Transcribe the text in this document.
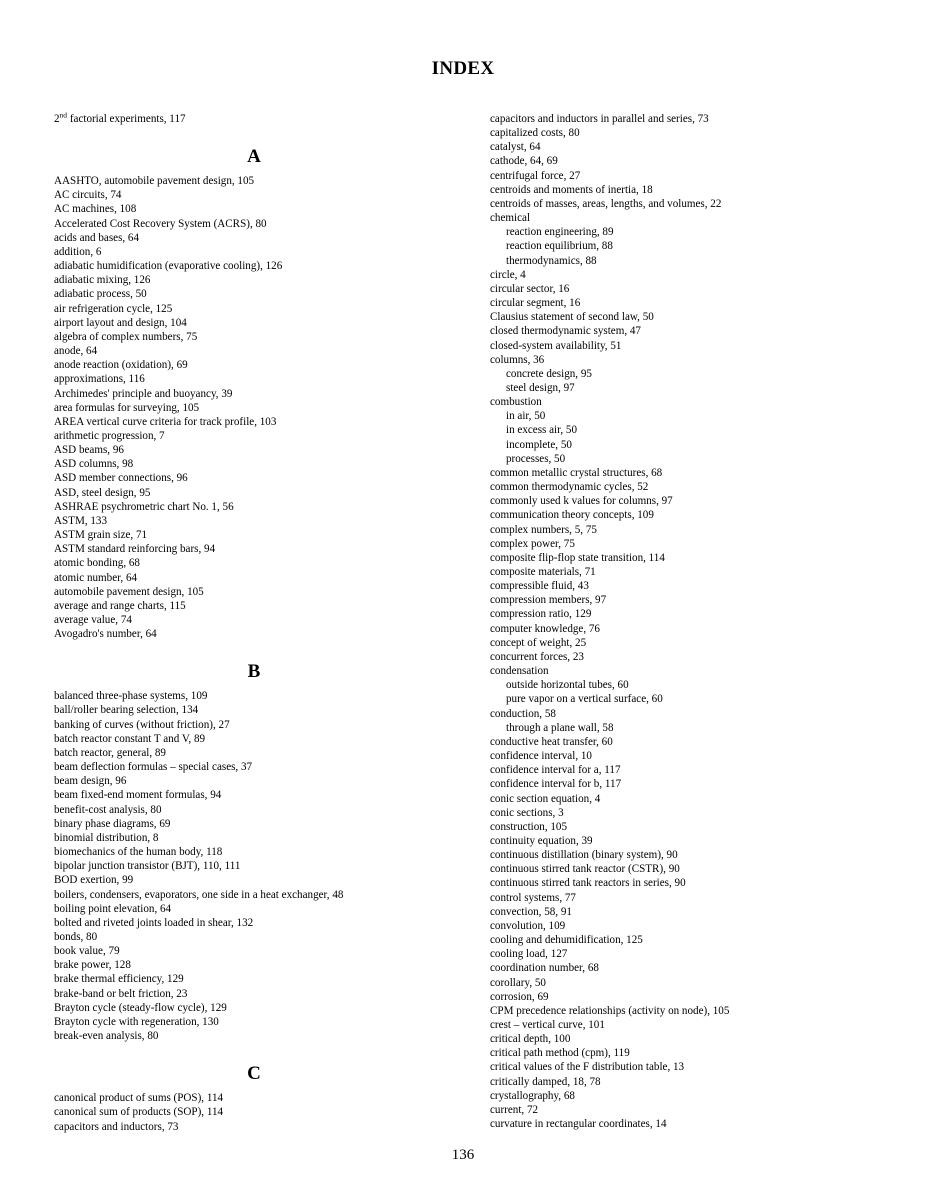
INDEX
2nd factorial experiments, 117
A
AASHTO, automobile pavement design, 105
AC circuits, 74
AC machines, 108
Accelerated Cost Recovery System (ACRS), 80
acids and bases, 64
addition, 6
adiabatic humidification (evaporative cooling), 126
adiabatic mixing, 126
adiabatic process, 50
air refrigeration cycle, 125
airport layout and design, 104
algebra of complex numbers, 75
anode, 64
anode reaction (oxidation), 69
approximations, 116
Archimedes' principle and buoyancy, 39
area formulas for surveying, 105
AREA vertical curve criteria for track profile, 103
arithmetic progression, 7
ASD beams, 96
ASD columns, 98
ASD member connections, 96
ASD, steel design, 95
ASHRAE psychrometric chart No. 1, 56
ASTM, 133
ASTM grain size, 71
ASTM standard reinforcing bars, 94
atomic bonding, 68
atomic number, 64
automobile pavement design, 105
average and range charts, 115
average value, 74
Avogadro's number, 64
B
balanced three-phase systems, 109
ball/roller bearing selection, 134
banking of curves (without friction), 27
batch reactor constant T and V, 89
batch reactor, general, 89
beam deflection formulas – special cases, 37
beam design, 96
beam fixed-end moment formulas, 94
benefit-cost analysis, 80
binary phase diagrams, 69
binomial distribution, 8
biomechanics of the human body, 118
bipolar junction transistor (BJT), 110, 111
BOD exertion, 99
boilers, condensers, evaporators, one side in a heat exchanger, 48
boiling point elevation, 64
bolted and riveted joints loaded in shear, 132
bonds, 80
book value, 79
brake power, 128
brake thermal efficiency, 129
brake-band or belt friction, 23
Brayton cycle (steady-flow cycle), 129
Brayton cycle with regeneration, 130
break-even analysis, 80
C
canonical product of sums (POS), 114
canonical sum of products (SOP), 114
capacitors and inductors, 73
capacitors and inductors in parallel and series, 73
capitalized costs, 80
catalyst, 64
cathode, 64, 69
centrifugal force, 27
centroids and moments of inertia, 18
centroids of masses, areas, lengths, and volumes, 22
chemical
reaction engineering, 89
reaction equilibrium, 88
thermodynamics, 88
circle, 4
circular sector, 16
circular segment, 16
Clausius statement of second law, 50
closed thermodynamic system, 47
closed-system availability, 51
columns, 36
concrete design, 95
steel design, 97
combustion
in air, 50
in excess air, 50
incomplete, 50
processes, 50
common metallic crystal structures, 68
common thermodynamic cycles, 52
commonly used k values for columns, 97
communication theory concepts, 109
complex numbers, 5, 75
complex power, 75
composite flip-flop state transition, 114
composite materials, 71
compressible fluid, 43
compression members, 97
compression ratio, 129
computer knowledge, 76
concept of weight, 25
concurrent forces, 23
condensation
outside horizontal tubes, 60
pure vapor on a vertical surface, 60
conduction, 58
through a plane wall, 58
conductive heat transfer, 60
confidence interval, 10
confidence interval for a, 117
confidence interval for b, 117
conic section equation, 4
conic sections, 3
construction, 105
continuity equation, 39
continuous distillation (binary system), 90
continuous stirred tank reactor (CSTR), 90
continuous stirred tank reactors in series, 90
control systems, 77
convection, 58, 91
convolution, 109
cooling and dehumidification, 125
cooling load, 127
coordination number, 68
corollary, 50
corrosion, 69
CPM precedence relationships (activity on node), 105
crest – vertical curve, 101
critical depth, 100
critical path method (cpm), 119
critical values of the F distribution table, 13
critically damped, 18, 78
crystallography, 68
current, 72
curvature in rectangular coordinates, 14
136
